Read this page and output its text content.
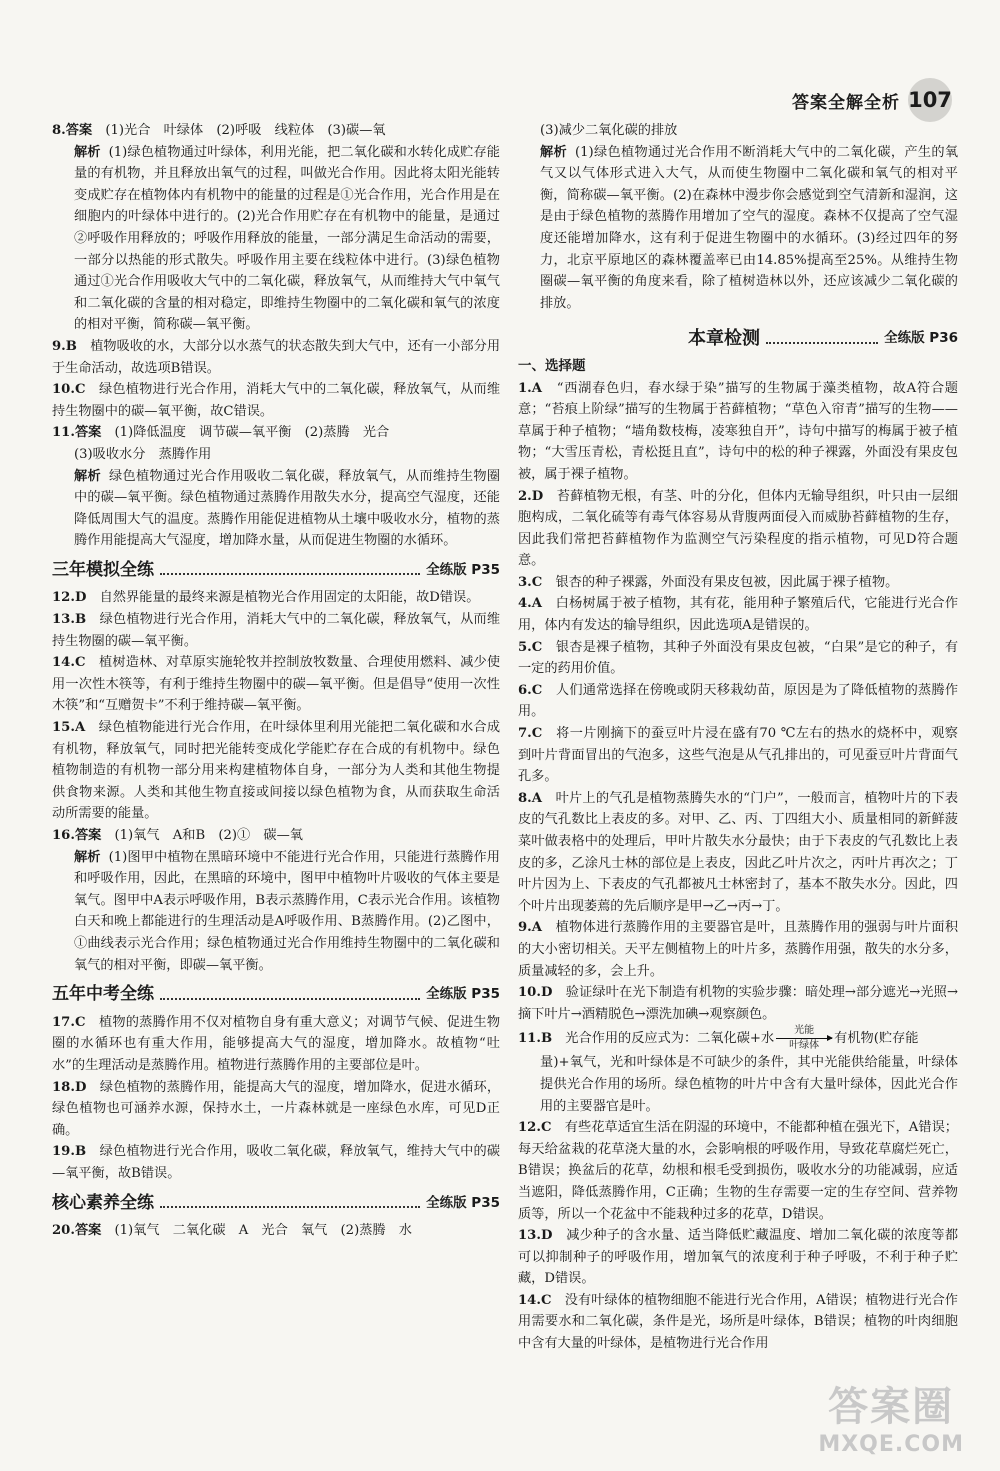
答案全解全析 107
8.答案　 (1)光合　叶绿体　(2)呼吸　线粒体　(3)碳—氧
解析 (1)绿色植物通过叶绿体，利用光能，把二氧化碳和水转化成贮存能量的有机物，并且释放出氧气的过程，叫做光合作用。因此将太阳光能转变成贮存在植物体内有机物中的能量的过程是①光合作用，光合作用是在细胞内的叶绿体中进行的。(2)光合作用贮存在有机物中的能量，是通过②呼吸作用释放的；呼吸作用释放的能量，一部分满足生命活动的需要，一部分以热能的形式散失。呼吸作用主要在线粒体中进行。(3)绿色植物通过①光合作用吸收大气中的二氧化碳，释放氧气，从而维持大气中氧气和二氧化碳的含量的相对稳定，即维持生物圈中的二氧化碳和氧气的浓度的相对平衡，简称碳—氧平衡。
9.B　 植物吸收的水，大部分以水蒸气的状态散失到大气中，还有一小部分用于生命活动，故选项B错误。
10.C　 绿色植物进行光合作用，消耗大气中的二氧化碳，释放氧气，从而维持生物圈中的碳—氧平衡，故C错误。
11.答案　 (1)降低温度　调节碳—氧平衡　(2)蒸腾　光合
(3)吸收水分　蒸腾作用
解析 绿色植物通过光合作用吸收二氧化碳，释放氧气，从而维持生物圈中的碳—氧平衡。绿色植物通过蒸腾作用散失水分，提高空气湿度，还能降低周围大气的温度。蒸腾作用能促进植物从土壤中吸收水分，植物的蒸腾作用能提高大气湿度，增加降水量，从而促进生物圈的水循环。
三年模拟全练	全练版 P35
12.D　 自然界能量的最终来源是植物光合作用固定的太阳能，故D错误。
13.B　 绿色植物进行光合作用，消耗大气中的二氧化碳，释放氧气，从而维持生物圈的碳—氧平衡。
14.C　 植树造林、对草原实施轮牧并控制放牧数量、合理使用燃料、减少使用一次性木筷等，有利于维持生物圈中的碳—氧平衡。但是倡导“使用一次性木筷”和“互赠贺卡”不利于维持碳—氧平衡。
15.A　 绿色植物能进行光合作用，在叶绿体里利用光能把二氧化碳和水合成有机物，释放氧气，同时把光能转变成化学能贮存在合成的有机物中。绿色植物制造的有机物一部分用来构建植物体自身，一部分为人类和其他生物提供食物来源。人类和其他生物直接或间接以绿色植物为食，从而获取生命活动所需要的能量。
16.答案　 (1)氧气　A和B　(2)①　碳—氧
解析 (1)图甲中植物在黑暗环境中不能进行光合作用，只能进行蒸腾作用和呼吸作用，因此，在黑暗的环境中，图甲中植物叶片吸收的气体主要是氧气。图甲中A表示呼吸作用，B表示蒸腾作用，C表示光合作用。该植物白天和晚上都能进行的生理活动是A呼吸作用、B蒸腾作用。(2)乙图中，①曲线表示光合作用；绿色植物通过光合作用维持生物圈中的二氧化碳和氧气的相对平衡，即碳—氧平衡。
五年中考全练	全练版 P35
17.C　 植物的蒸腾作用不仅对植物自身有重大意义；对调节气候、促进生物圈的水循环也有重大作用，能够提高大气的湿度，增加降水。故植物“吐水”的生理活动是蒸腾作用。植物进行蒸腾作用的主要部位是叶。
18.D　 绿色植物的蒸腾作用，能提高大气的湿度，增加降水，促进水循环，绿色植物也可涵养水源，保持水土，一片森林就是一座绿色水库，可见D正确。
19.B　 绿色植物进行光合作用，吸收二氧化碳，释放氧气，维持大气中的碳—氧平衡，故B错误。
核心素养全练	全练版 P35
20.答案　 (1)氧气　二氧化碳　A　光合　氧气　(2)蒸腾　水
(3)减少二氧化碳的排放
解析 (1)绿色植物通过光合作用不断消耗大气中的二氧化碳，产生的氧气又以气体形式进入大气，从而使生物圈中二氧化碳和氧气的相对平衡，简称碳—氧平衡。(2)在森林中漫步你会感觉到空气清新和湿润，这是由于绿色植物的蒸腾作用增加了空气的湿度。森林不仅提高了空气湿度还能增加降水，这有利于促进生物圈中的水循环。(3)经过四年的努力，北京平原地区的森林覆盖率已由14.85%提高至25%。从维持生物圈碳—氧平衡的角度来看，除了植树造林以外，还应该减少二氧化碳的排放。
本章检测	全练版 P36
一、选择题
1.A　 “西湖春色归，春水绿于染”描写的生物属于藻类植物，故A符合题意；“苔痕上阶绿”描写的生物属于苔藓植物；“草色入帘青”描写的生物——草属于种子植物；“墙角数枝梅，凌寒独自开”，诗句中描写的梅属于被子植物；“大雪压青松，青松挺且直”，诗句中的松的种子裸露，外面没有果皮包被，属于裸子植物。
2.D　 苔藓植物无根，有茎、叶的分化，但体内无输导组织，叶只由一层细胞构成，二氧化硫等有毒气体容易从背腹两面侵入而威胁苔藓植物的生存，因此我们常把苔藓植物作为监测空气污染程度的指示植物，可见D符合题意。
3.C　 银杏的种子裸露，外面没有果皮包被，因此属于裸子植物。
4.A　 白杨树属于被子植物，其有花，能用种子繁殖后代，它能进行光合作用，体内有发达的输导组织，因此选项A是错误的。
5.C　 银杏是裸子植物，其种子外面没有果皮包被，“白果”是它的种子，有一定的药用价值。
6.C　 人们通常选择在傍晚或阴天移栽幼苗，原因是为了降低植物的蒸腾作用。
7.C　 将一片刚摘下的蚕豆叶片浸在盛有70 ℃左右的热水的烧杯中，观察到叶片背面冒出的气泡多，这些气泡是从气孔排出的，可见蚕豆叶片背面气孔多。
8.A　 叶片上的气孔是植物蒸腾失水的“门户”，一般而言，植物叶片的下表皮的气孔数比上表皮的多。对甲、乙、丙、丁四组大小、质量相同的新鲜菠菜叶做表格中的处理后，甲叶片散失水分最快；由于下表皮的气孔数比上表皮的多，乙涂凡士林的部位是上表皮，因此乙叶片次之，丙叶片再次之；丁叶片因为上、下表皮的气孔都被凡士林密封了，基本不散失水分。因此，四个叶片出现萎蔫的先后顺序是甲→乙→丙→丁。
9.A　 植物体进行蒸腾作用的主要器官是叶，且蒸腾作用的强弱与叶片面积的大小密切相关。天平左侧植物上的叶片多，蒸腾作用强，散失的水分多，质量减轻的多，会上升。
10.D　 验证绿叶在光下制造有机物的实验步骤：暗处理→部分遮光→光照→摘下叶片→酒精脱色→漂洗加碘→观察颜色。
11.B　 光合作用的反应式为：二氧化碳+水
光能
叶绿体 有机物(贮存能
量)+氧气，光和叶绿体是不可缺少的条件，其中光能供给能量，叶绿体提供光合作用的场所。绿色植物的叶片中含有大量叶绿体，因此光合作用的主要器官是叶。
12.C　 有些花草适宜生活在阴湿的环境中，不能都种植在强光下，A错误；每天给盆栽的花草浇大量的水，会影响根的呼吸作用，导致花草腐烂死亡，B错误；换盆后的花草，幼根和根毛受到损伤，吸收水分的功能减弱，应适当遮阳，降低蒸腾作用，C正确；生物的生存需要一定的生存空间、营养物质等，所以一个花盆中不能栽种过多的花草，D错误。
13.D　 减少种子的含水量、适当降低贮藏温度、增加二氧化碳的浓度等都可以抑制种子的呼吸作用，增加氧气的浓度利于种子呼吸，不利于种子贮藏，D错误。
14.C　 没有叶绿体的植物细胞不能进行光合作用，A错误；植物进行光合作用需要水和二氧化碳，条件是光，场所是叶绿体，B错误；植物的叶肉细胞中含有大量的叶绿体，是植物进行光合作用
答案圈
MXQE.COM
